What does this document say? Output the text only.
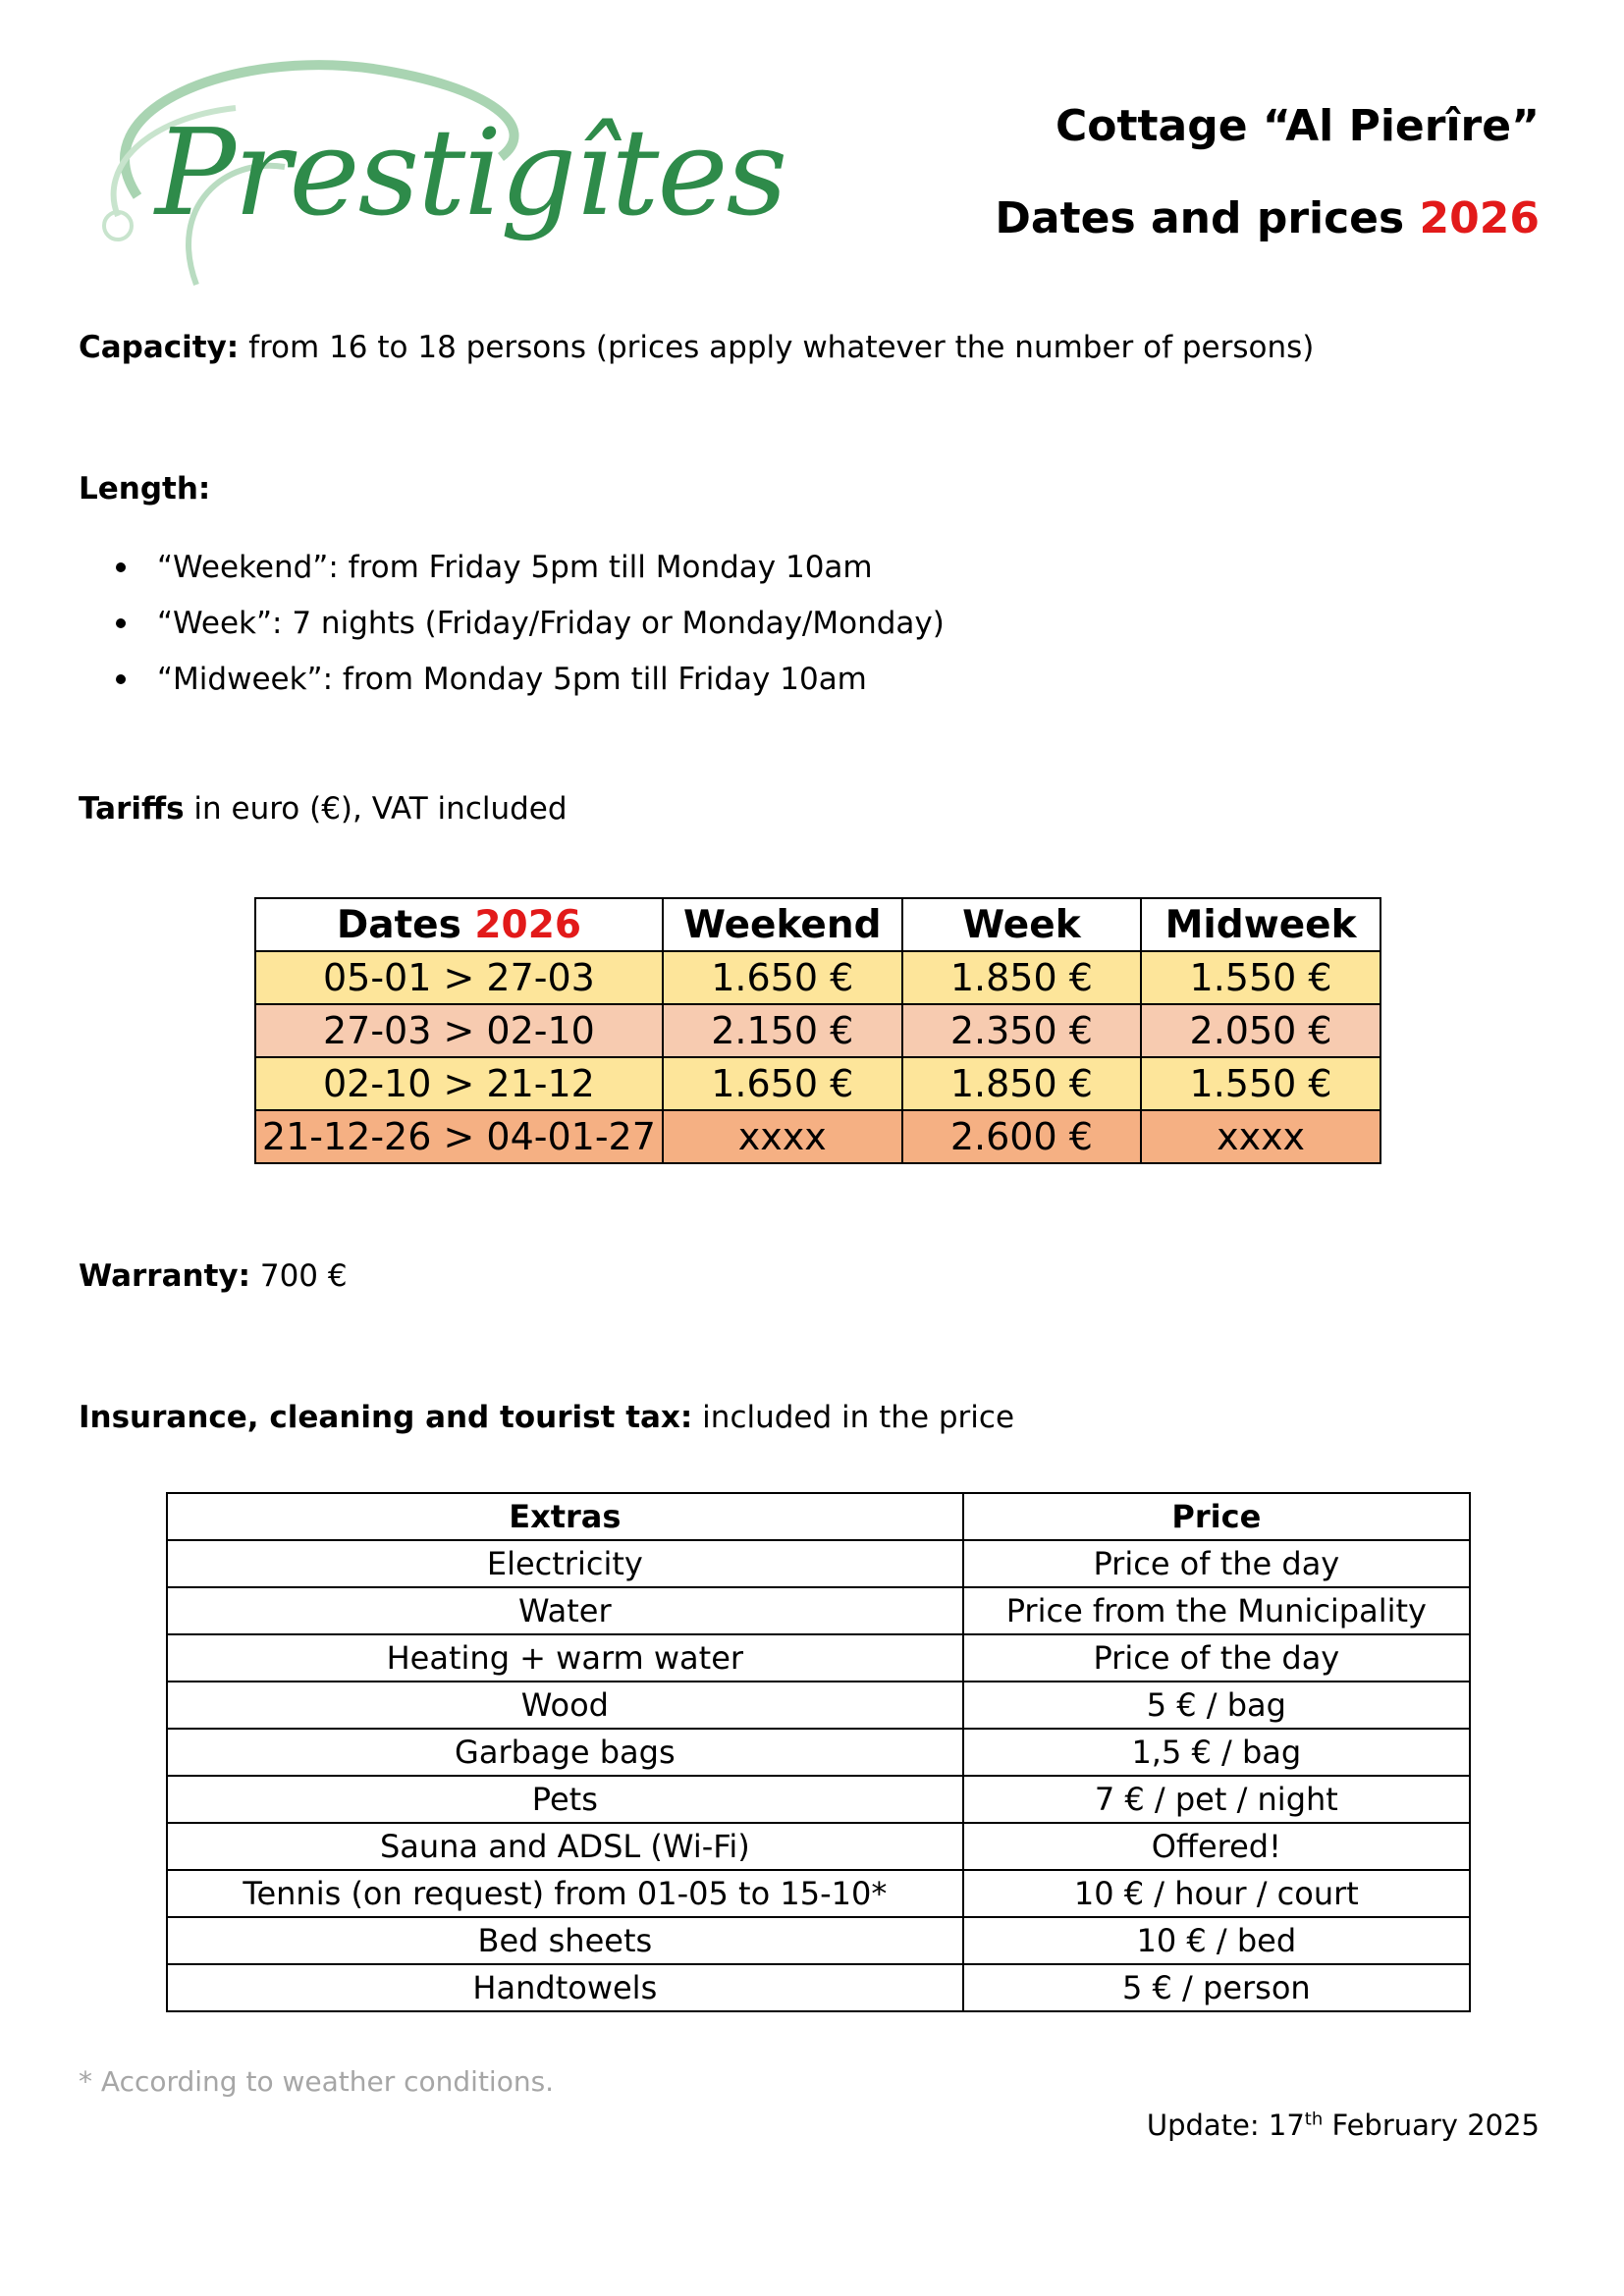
Prestigîtes	Cottage “Al Pierîre”
Dates and prices 2026
Capacity: from 16 to 18 persons (prices apply whatever the number of persons)
Length:
“Weekend”: from Friday 5pm till Monday 10am
“Week”: 7 nights (Friday/Friday or Monday/Monday)
“Midweek”: from Monday 5pm till Friday 10am
Tariffs in euro (€), VAT included
Dates 2026	Weekend	Week	Midweek
05-01 > 27-03	1.650 €	1.850 €	1.550 €
27-03 > 02-10	2.150 €	2.350 €	2.050 €
02-10 > 21-12	1.650 €	1.850 €	1.550 €
21-12-26 > 04-01-27	xxxx	2.600 €	xxxx
Warranty: 700 €
Insurance, cleaning and tourist tax: included in the price
Extras	Price
Electricity	Price of the day
Water	Price from the Municipality
Heating + warm water	Price of the day
Wood	5 € / bag
Garbage bags	1,5 € / bag
Pets	7 € / pet / night
Sauna and ADSL (Wi-Fi)	Offered!
Tennis (on request) from 01-05 to 15-10*	10 € / hour / court
Bed sheets	10 € / bed
Handtowels	5 € / person
* According to weather conditions.
Update: 17th February 2025
